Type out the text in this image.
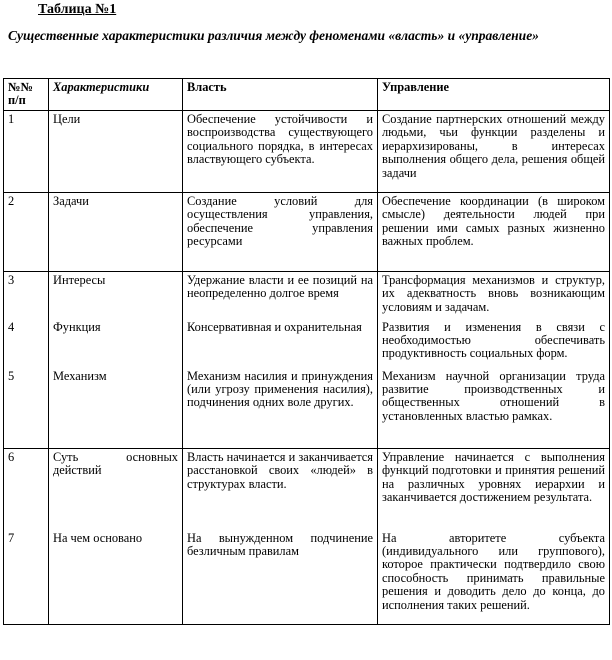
Таблица №1
Существенные характеристики различия между феноменами «власть» и «управление»
№№ п/п	Характеристики	Власть	Управление
1	Цели	Обеспечение устойчивости и воспроизводства существующего социального порядка, в интересах властвующего субъекта.	Создание партнерских отношений между людьми, чьи функции разделены и иерархизированы, в интересах выполнения общего дела, решения общей задачи
2	Задачи	Создание условий для осуществления управления, обеспечение управления ресурсами	Обеспечение координации (в широком смысле) деятельности людей при решении ими самых разных жизненно важных проблем.
3	Интересы	Удержание власти и ее позиций на неопределенно долгое время	Трансформация механизмов и структур, их адекватность вновь возникающим условиям и задачам.
4	Функция	Консервативная и охранительная	Развития и изменения в связи с необходимостью обеспечивать продуктивность социальных форм.
5	Механизм	Механизм насилия и принуждения (или угрозу применения насилия), подчинения одних воле других.	Механизм научной организации труда развитие производственных и общественных отношений в установленных властью рамках.
6	Суть основных действий	Власть начинается и заканчивается расстановкой своих «людей» в структурах власти.	Управление начинается с выполнения функций подготовки и принятия решений на различных уровнях иерархии и заканчивается достижением результата.
7	На чем основано	На вынужденном подчинение безличным правилам	На авторитете субъекта (индивидуального или группового), которое практически подтвердило свою способность принимать правильные решения и доводить дело до конца, до исполнения таких решений.
